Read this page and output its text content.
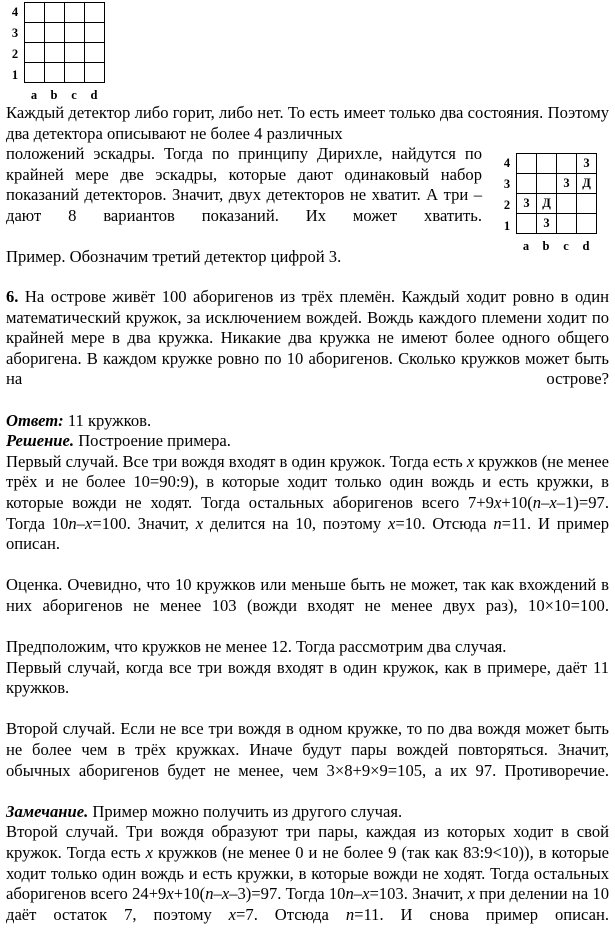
4
3
2
1

a	b	c	d
4
3
2
1
			3
		3	Д
3	Д		
	3		
a	b	c	d

Каждый детектор либо горит, либо нет. То есть имеет только два состояния. Поэтому два детектора описывают не более 4 различных

положений эскадры. Тогда по принципу Дирихле, найдутся по крайней мере две эскадры, которые дают одинаковый набор показаний детекторов. Значит, двух детекторов не хватит. А три – дают 8 вариантов показаний. Их может хватить.

Пример. Обозначим третий детектор цифрой 3.

6. На острове живёт 100 аборигенов из трёх племён. Каждый ходит ровно в один математический кружок, за исключением вождей. Вождь каждого племени ходит по крайней мере в два кружка. Никакие два кружка не имеют более одного общего аборигена. В каждом кружке ровно по 10 аборигенов. Сколько кружков может быть на острове?

Ответ: 11 кружков.

Решение. Построение примера.

Первый случай. Все три вождя входят в один кружок. Тогда есть x кружков (не менее трёх и не более 10=90:9), в которые ходит только один вождь и есть кружки, в которые вожди не ходят. Тогда остальных аборигенов всего 7+9x+10(n–x–1)=97. Тогда 10n–x=100. Значит, x делится на 10, поэтому x=10. Отсюда n=11. И пример описан.

Оценка. Очевидно, что 10 кружков или меньше быть не может, так как вхождений в них аборигенов не менее 103 (вожди входят не менее двух раз), 10×10=100.

Предположим, что кружков не менее 12. Тогда рассмотрим два случая.

Первый случай, когда все три вождя входят в один кружок, как в примере, даёт 11 кружков.

Второй случай. Если не все три вождя в одном кружке, то по два вождя может быть не более чем в трёх кружках. Иначе будут пары вождей повторяться. Значит, обычных аборигенов будет не менее, чем 3×8+9×9=105, а их 97. Противоречие.

Замечание. Пример можно получить из другого случая.

Второй случай. Три вождя образуют три пары, каждая из которых ходит в свой кружок. Тогда есть x кружков (не менее 0 и не более 9 (так как 83:9<10)), в которые ходит только один вождь и есть кружки, в которые вожди не ходят. Тогда остальных аборигенов всего 24+9x+10(n–x–3)=97. Тогда 10n–x=103. Значит, x при делении на 10 даёт остаток 7, поэтому x=7. Отсюда n=11. И снова пример описан.
